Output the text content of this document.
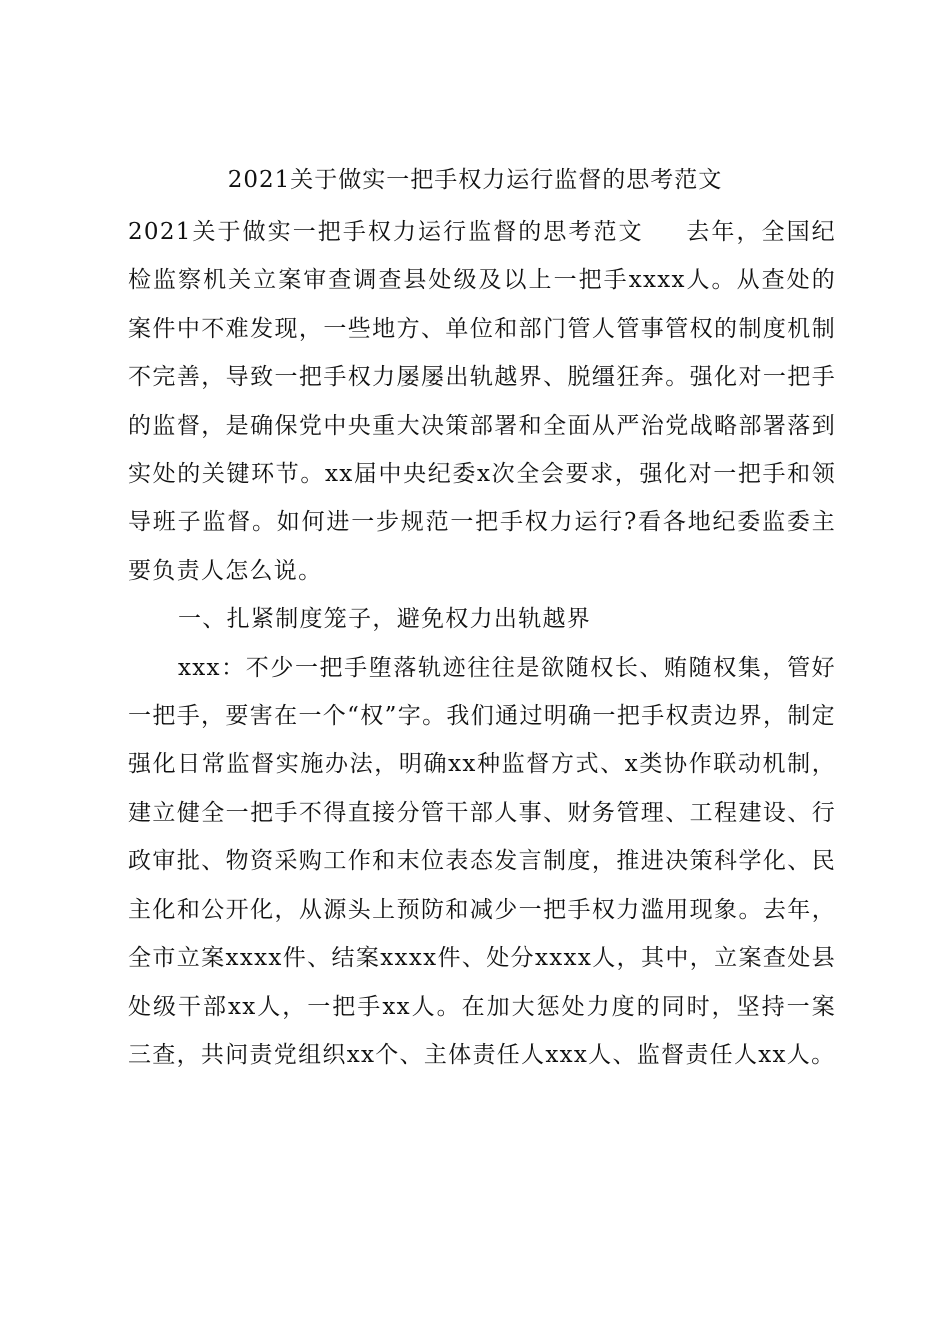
2021关于做实一把手权力运行监督的思考范文

2021关于做实一把手权力运行监督的思考范文 去年，全国纪检监察机关立案审查调查县处级及以上一把手xxxx人。从查处的案件中不难发现，一些地方、单位和部门管人管事管权的制度机制不完善，导致一把手权力屡屡出轨越界、脱缰狂奔。强化对一把手的监督，是确保党中央重大决策部署和全面从严治党战略部署落到实处的关键环节。xx届中央纪委x次全会要求，强化对一把手和领导班子监督。如何进一步规范一把手权力运行?看各地纪委监委主要负责人怎么说。

一、扎紧制度笼子，避免权力出轨越界

xxx：不少一把手堕落轨迹往往是欲随权长、贿随权集，管好一把手，要害在一个“权”字。我们通过明确一把手权责边界，制定强化日常监督实施办法，明确xx种监督方式、x类协作联动机制，建立健全一把手不得直接分管干部人事、财务管理、工程建设、行政审批、物资采购工作和末位表态发言制度，推进决策科学化、民主化和公开化，从源头上预防和减少一把手权力滥用现象。去年，全市立案xxxx件、结案xxxx件、处分xxxx人，其中，立案查处县处级干部xx人，一把手xx人。在加大惩处力度的同时，坚持一案三查，共问责党组织xx个、主体责任人xxx人、监督责任人xx人。
